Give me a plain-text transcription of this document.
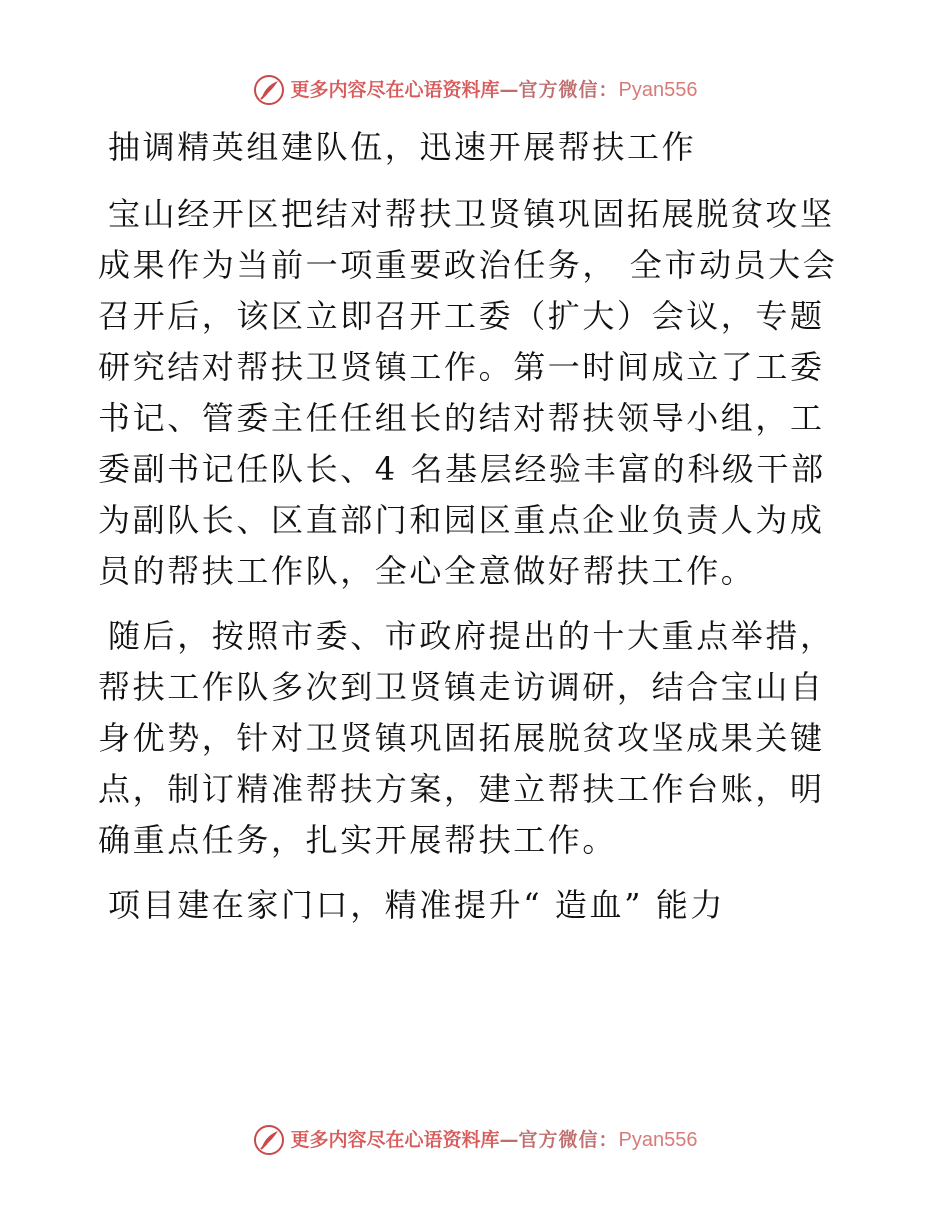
更多内容尽在心语资料库—官方微信：Pyan556

抽调精英组建队伍，迅速开展帮扶工作

宝山经开区把结对帮扶卫贤镇巩固拓展脱贫攻坚成果作为当前一项重要政治任务， 全市动员大会召开后，该区立即召开工委（扩大）会议，专题研究结对帮扶卫贤镇工作。第一时间成立了工委书记、管委主任任组长的结对帮扶领导小组，工委副书记任队长、4 名基层经验丰富的科级干部为副队长、区直部门和园区重点企业负责人为成员的帮扶工作队，全心全意做好帮扶工作。

随后，按照市委、市政府提出的十大重点举措，帮扶工作队多次到卫贤镇走访调研，结合宝山自身优势，针对卫贤镇巩固拓展脱贫攻坚成果关键点，制订精准帮扶方案，建立帮扶工作台账，明确重点任务，扎实开展帮扶工作。

项目建在家门口，精准提升“ 造血” 能力

更多内容尽在心语资料库—官方微信：Pyan556
